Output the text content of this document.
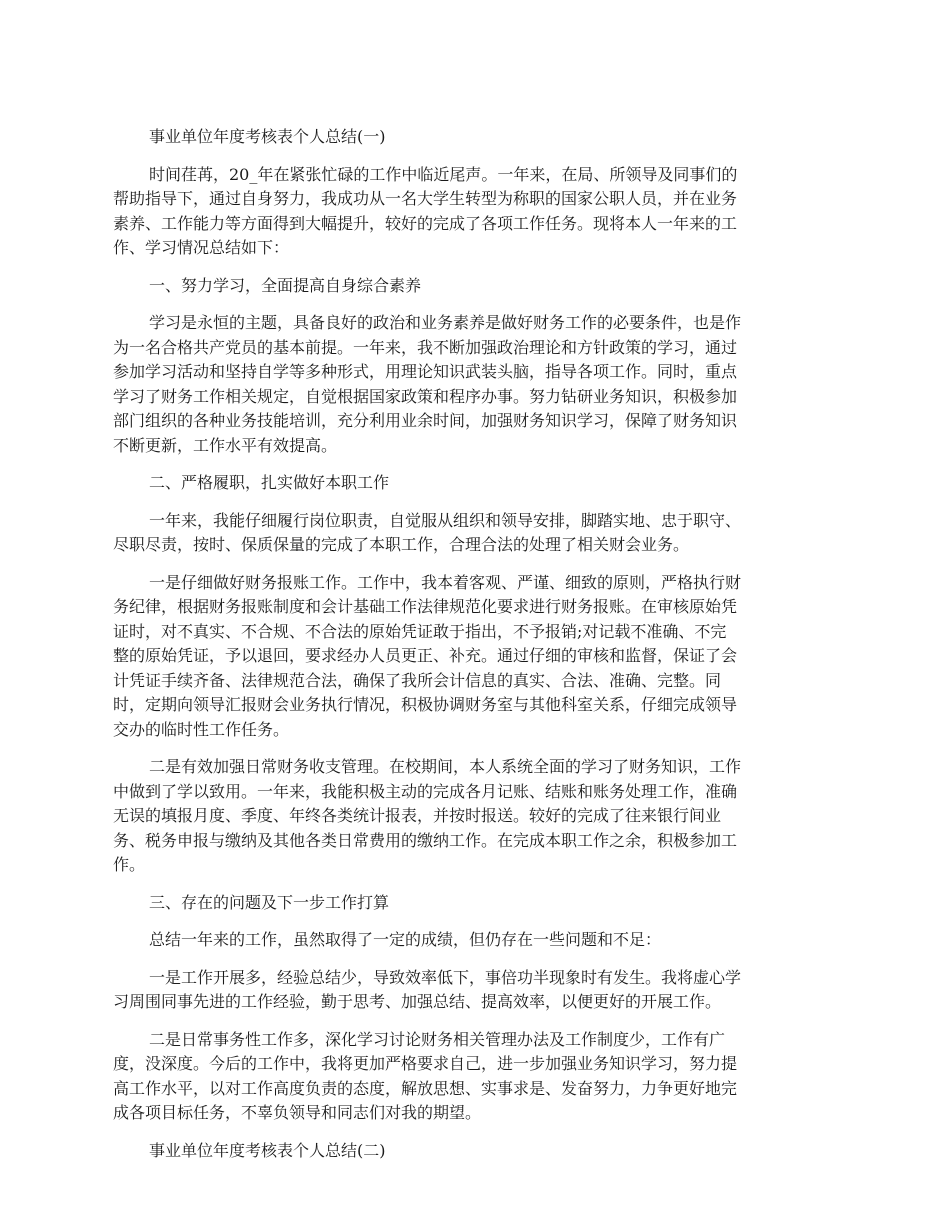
事业单位年度考核表个人总结(一)

时间荏苒，20_年在紧张忙碌的工作中临近尾声。一年来，在局、所领导及同事们的
帮助指导下，通过自身努力，我成功从一名大学生转型为称职的国家公职人员，并在业务
素养、工作能力等方面得到大幅提升，较好的完成了各项工作任务。现将本人一年来的工
作、学习情况总结如下：

一、努力学习，全面提高自身综合素养

学习是永恒的主题，具备良好的政治和业务素养是做好财务工作的必要条件，也是作
为一名合格共产党员的基本前提。一年来，我不断加强政治理论和方针政策的学习，通过
参加学习活动和坚持自学等多种形式，用理论知识武装头脑，指导各项工作。同时，重点
学习了财务工作相关规定，自觉根据国家政策和程序办事。努力钻研业务知识，积极参加
部门组织的各种业务技能培训，充分利用业余时间，加强财务知识学习，保障了财务知识
不断更新，工作水平有效提高。

二、严格履职，扎实做好本职工作

一年来，我能仔细履行岗位职责，自觉服从组织和领导安排，脚踏实地、忠于职守、
尽职尽责，按时、保质保量的完成了本职工作，合理合法的处理了相关财会业务。

一是仔细做好财务报账工作。工作中，我本着客观、严谨、细致的原则，严格执行财
务纪律，根据财务报账制度和会计基础工作法律规范化要求进行财务报账。在审核原始凭
证时，对不真实、不合规、不合法的原始凭证敢于指出，不予报销;对记载不准确、不完
整的原始凭证，予以退回，要求经办人员更正、补充。通过仔细的审核和监督，保证了会
计凭证手续齐备、法律规范合法，确保了我所会计信息的真实、合法、准确、完整。同
时，定期向领导汇报财会业务执行情况，积极协调财务室与其他科室关系，仔细完成领导
交办的临时性工作任务。

二是有效加强日常财务收支管理。在校期间，本人系统全面的学习了财务知识，工作
中做到了学以致用。一年来，我能积极主动的完成各月记账、结账和账务处理工作，准确
无误的填报月度、季度、年终各类统计报表，并按时报送。较好的完成了往来银行间业
务、税务申报与缴纳及其他各类日常费用的缴纳工作。在完成本职工作之余，积极参加工
作。

三、存在的问题及下一步工作打算

总结一年来的工作，虽然取得了一定的成绩，但仍存在一些问题和不足：

一是工作开展多，经验总结少，导致效率低下，事倍功半现象时有发生。我将虚心学
习周围同事先进的工作经验，勤于思考、加强总结、提高效率，以便更好的开展工作。

二是日常事务性工作多，深化学习讨论财务相关管理办法及工作制度少，工作有广
度，没深度。今后的工作中，我将更加严格要求自己，进一步加强业务知识学习，努力提
高工作水平，以对工作高度负责的态度，解放思想、实事求是、发奋努力，力争更好地完
成各项目标任务，不辜负领导和同志们对我的期望。

事业单位年度考核表个人总结(二)
